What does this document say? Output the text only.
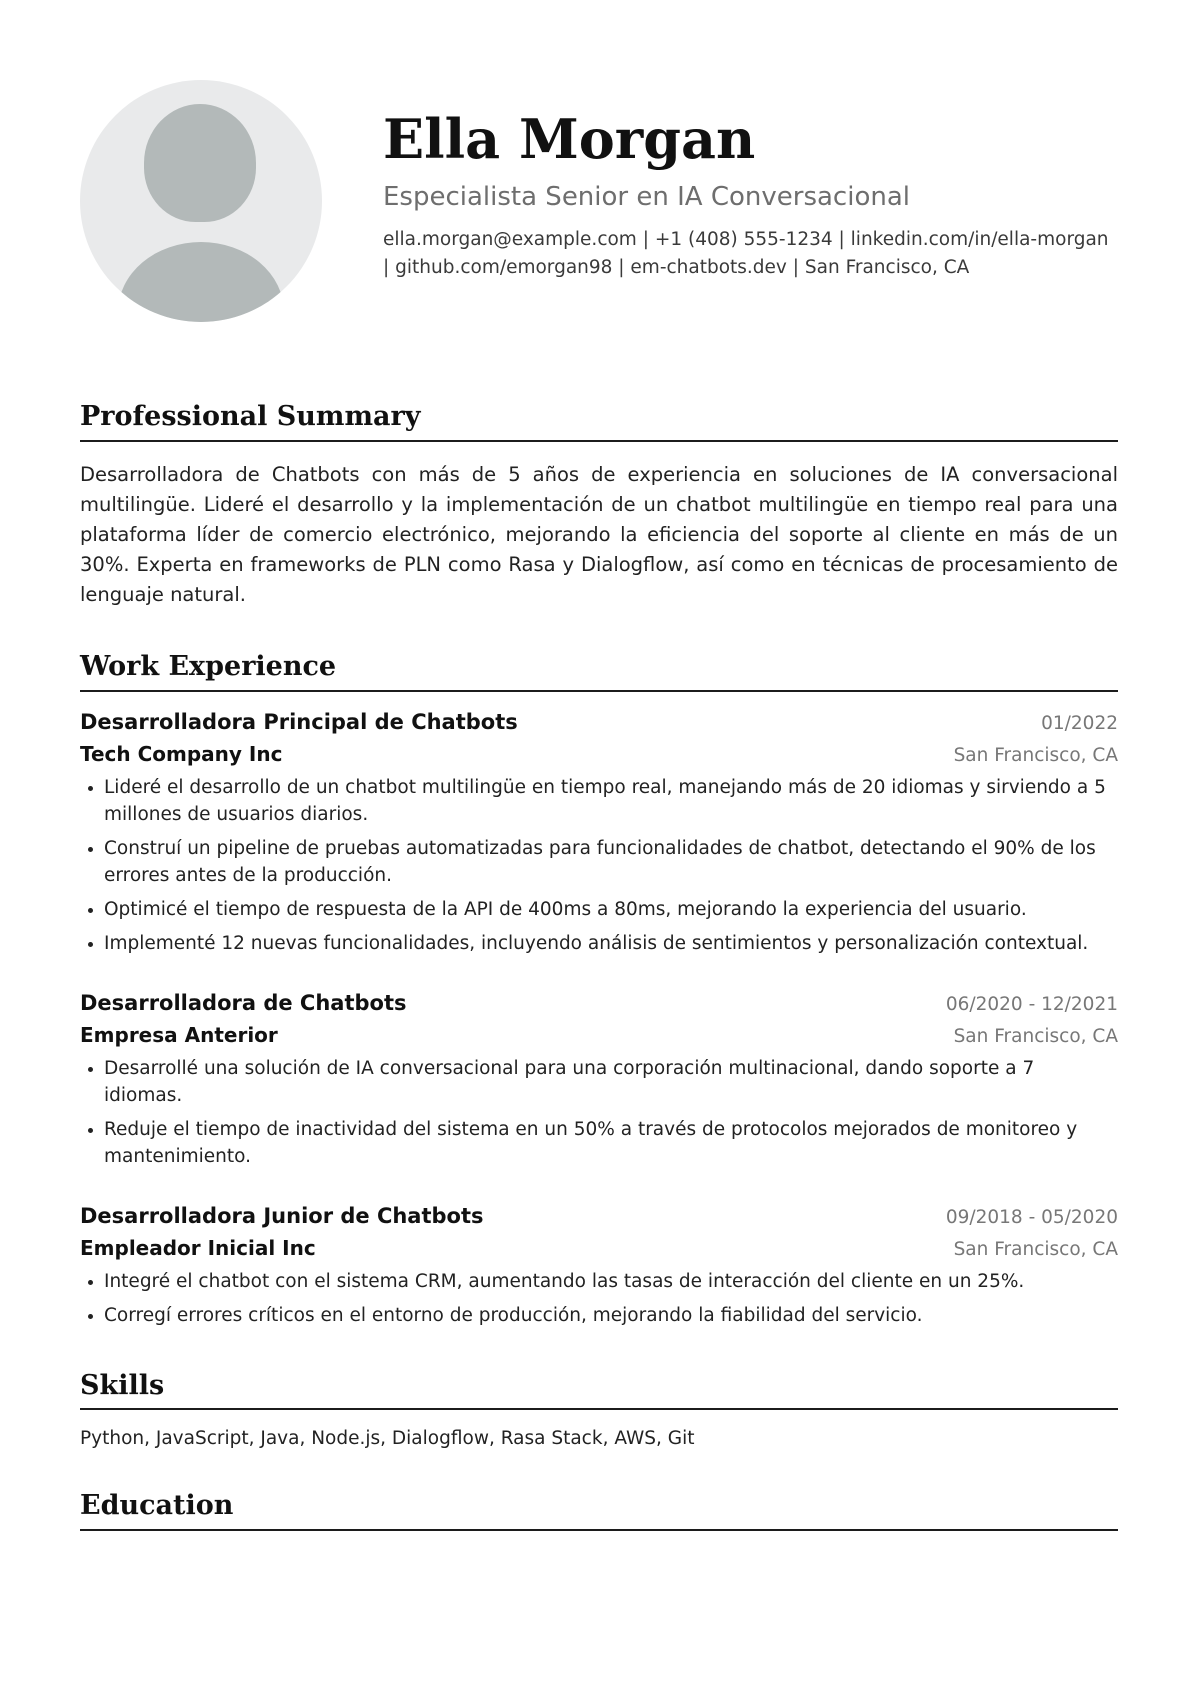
Ella Morgan
Especialista Senior en IA Conversacional
ella.morgan@example.com | +1 (408) 555-1234 | linkedin.com/in/ella-morgan
| github.com/emorgan98 | em-chatbots.dev | San Francisco, CA
Professional Summary

Desarrolladora de Chatbots con más de 5 años de experiencia en soluciones de IA conversacional multilingüe. Lideré el desarrollo y la implementación de un chatbot multilingüe en tiempo real para una plataforma líder de comercio electrónico, mejorando la eficiencia del soporte al cliente en más de un 30%. Experta en frameworks de PLN como Rasa y Dialogflow, así como en técnicas de procesamiento de lenguaje natural.

Work Experience
Desarrolladora Principal de Chatbots	01/2022
Tech Company Inc	San Francisco, CA
Lideré el desarrollo de un chatbot multilingüe en tiempo real, manejando más de 20 idiomas y sirviendo a 5 millones de usuarios diarios.
Construí un pipeline de pruebas automatizadas para funcionalidades de chatbot, detectando el 90% de los errores antes de la producción.
Optimicé el tiempo de respuesta de la API de 400ms a 80ms, mejorando la experiencia del usuario.
Implementé 12 nuevas funcionalidades, incluyendo análisis de sentimientos y personalización contextual.
Desarrolladora de Chatbots	06/2020 - 12/2021
Empresa Anterior	San Francisco, CA
Desarrollé una solución de IA conversacional para una corporación multinacional, dando soporte a 7 idiomas.
Reduje el tiempo de inactividad del sistema en un 50% a través de protocolos mejorados de monitoreo y mantenimiento.
Desarrolladora Junior de Chatbots	09/2018 - 05/2020
Empleador Inicial Inc	San Francisco, CA
Integré el chatbot con el sistema CRM, aumentando las tasas de interacción del cliente en un 25%.
Corregí errores críticos en el entorno de producción, mejorando la fiabilidad del servicio.
Skills

Python, JavaScript, Java, Node.js, Dialogflow, Rasa Stack, AWS, Git

Education
